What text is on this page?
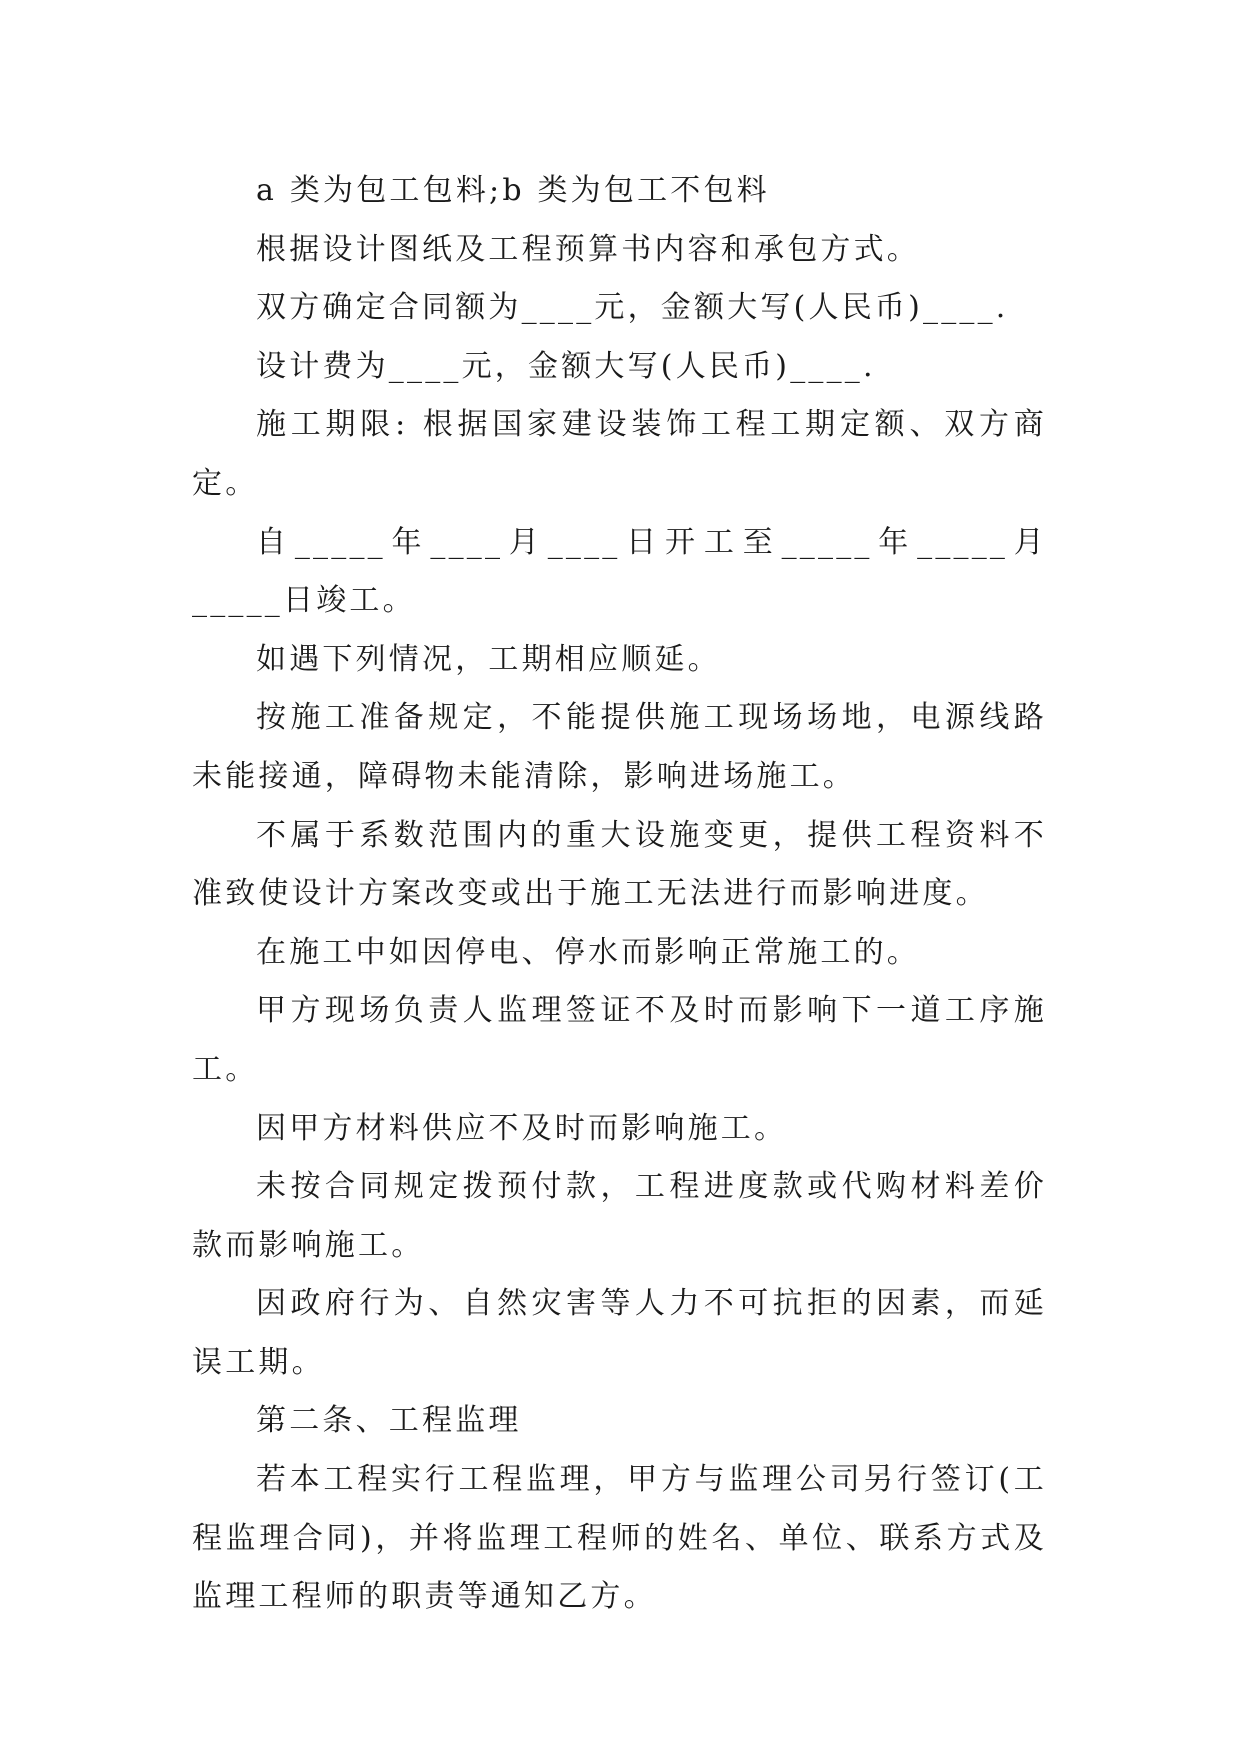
a 类为包工包料;b 类为包工不包料

根据设计图纸及工程预算书内容和承包方式。

双方确定合同额为____元，金额大写(人民币)____.

设计费为____元，金额大写(人民币)____.

施工期限: 根据国家建设装饰工程工期定额、双方商定。

自_____年____月____日开工至_____年_____月_____日竣工。

如遇下列情况，工期相应顺延。

按施工准备规定，不能提供施工现场场地，电源线路未能接通，障碍物未能清除，影响进场施工。

不属于系数范围内的重大设施变更，提供工程资料不准致使设计方案改变或出于施工无法进行而影响进度。

在施工中如因停电、停水而影响正常施工的。

甲方现场负责人监理签证不及时而影响下一道工序施工。

因甲方材料供应不及时而影响施工。

未按合同规定拨预付款，工程进度款或代购材料差价款而影响施工。

因政府行为、自然灾害等人力不可抗拒的因素，而延误工期。

第二条、工程监理

若本工程实行工程监理，甲方与监理公司另行签订(工程监理合同)，并将监理工程师的姓名、单位、联系方式及监理工程师的职责等通知乙方。
